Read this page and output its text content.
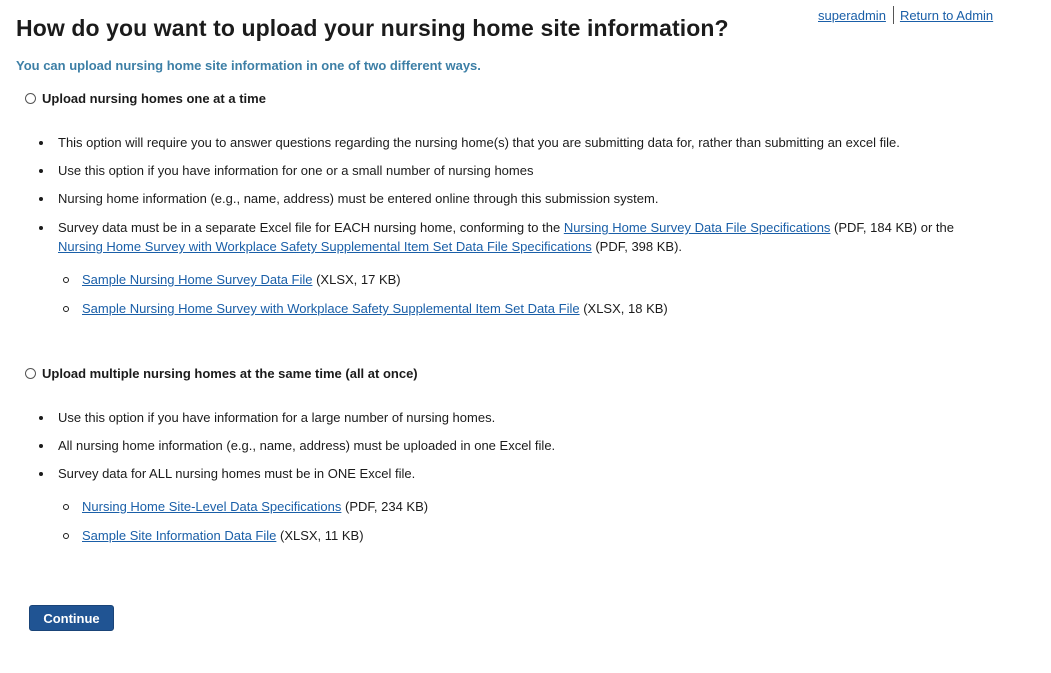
superadmin Return to Admin
How do you want to upload your nursing home site information?

You can upload nursing home site information in one of two different ways.

Upload nursing homes one at a time
This option will require you to answer questions regarding the nursing home(s) that you are submitting data for, rather than submitting an excel file.
Use this option if you have information for one or a small number of nursing homes
Nursing home information (e.g., name, address) must be entered online through this submission system.
Survey data must be in a separate Excel file for EACH nursing home, conforming to the Nursing Home Survey Data File Specifications (PDF, 184 KB) or the Nursing Home Survey with Workplace Safety Supplemental Item Set Data File Specifications (PDF, 398 KB).
Sample Nursing Home Survey Data File (XLSX, 17 KB)
Sample Nursing Home Survey with Workplace Safety Supplemental Item Set Data File (XLSX, 18 KB)
Upload multiple nursing homes at the same time (all at once)
Use this option if you have information for a large number of nursing homes.
All nursing home information (e.g., name, address) must be uploaded in one Excel file.
Survey data for ALL nursing homes must be in ONE Excel file.
Nursing Home Site-Level Data Specifications (PDF, 234 KB)
Sample Site Information Data File (XLSX, 11 KB)
Continue
